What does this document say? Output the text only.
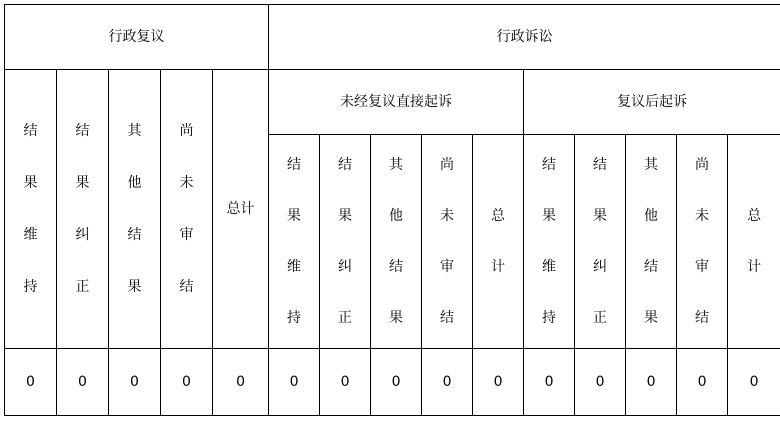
行政复议					行政诉讼									
结果维持	结果纠正	其他结果	尚未审结	总计	未经复议直接起诉					复议后起诉				
					结果维持	结果纠正	其他结果	尚未审结	总计	结果维持	结果纠正	其他结果	尚未审结	总计
0	0	0	0	0	0	0	0	0	0	0	0	0	0	0
